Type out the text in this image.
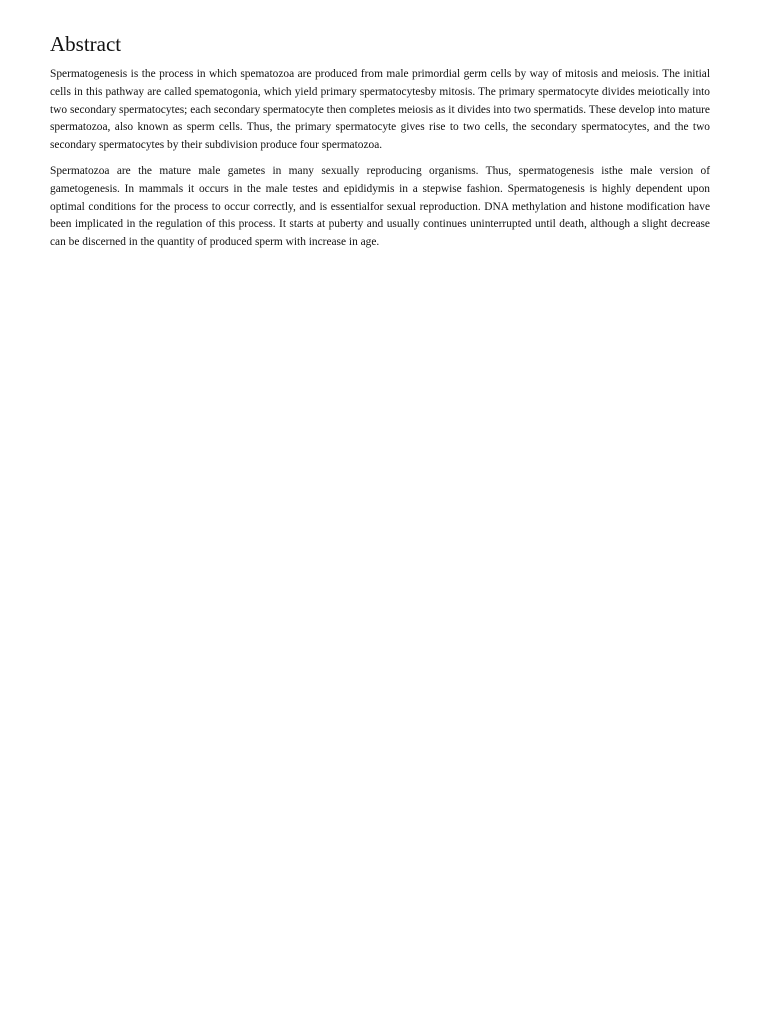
Abstract

Spermatogenesis is the process in which spematozoa are produced from male primordial germ cells by way of mitosis and meiosis. The initial cells in this pathway are called spematogonia, which yield primary spermatocytesby mitosis. The primary spermatocyte divides meiotically into two secondary spermatocytes; each secondary spermatocyte then completes meiosis as it divides into two spermatids. These develop into mature spermatozoa, also known as sperm cells. Thus, the primary spermatocyte gives rise to two cells, the secondary spermatocytes, and the two secondary spermatocytes by their subdivision produce four spermatozoa.

Spermatozoa are the mature male gametes in many sexually reproducing organisms. Thus, spermatogenesis isthe male version of gametogenesis. In mammals it occurs in the male testes and epididymis in a stepwise fashion. Spermatogenesis is highly dependent upon optimal conditions for the process to occur correctly, and is essentialfor sexual reproduction. DNA methylation and histone modification have been implicated in the regulation of this process. It starts at puberty and usually continues uninterrupted until death, although a slight decrease can be discerned in the quantity of produced sperm with increase in age.
